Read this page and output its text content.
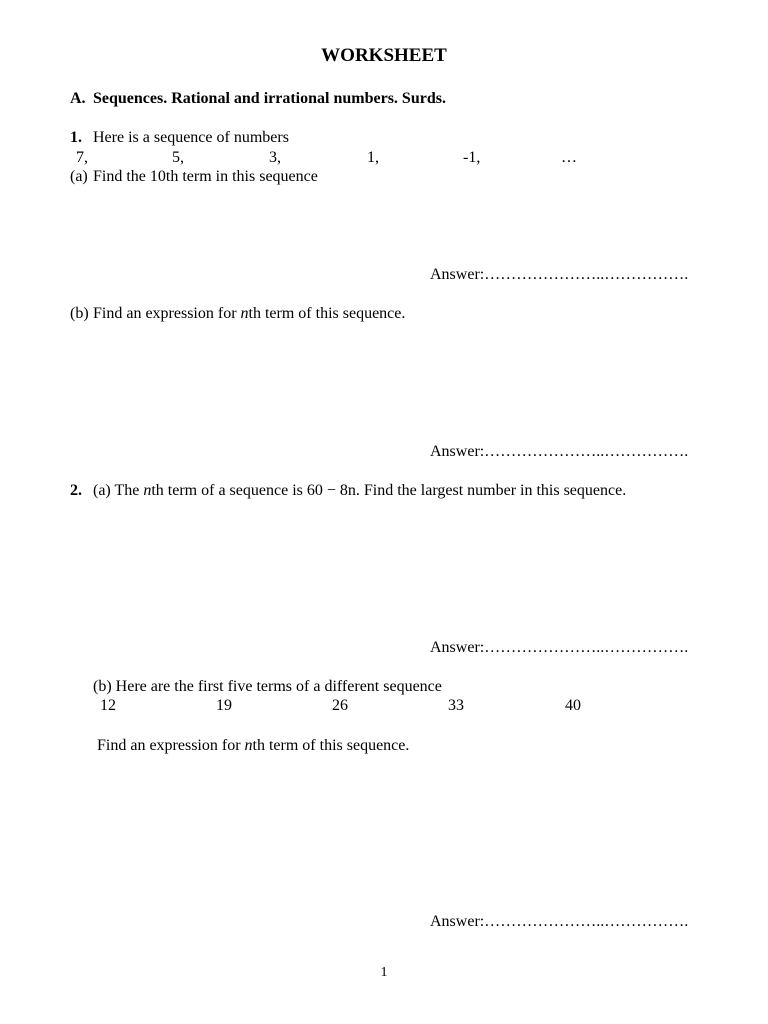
WORKSHEET
A. Sequences. Rational and irrational numbers. Surds.
1. Here is a sequence of numbers
7,	5,	3,	1,	-1,	…
(a) Find the 10th term in this sequence
Answer:…………………..…………….
(b) Find an expression for nth term of this sequence.
Answer:…………………..…………….
2. (a) The nth term of a sequence is 60 − 8n. Find the largest number in this sequence.
Answer:…………………..…………….
(b) Here are the first five terms of a different sequence
12	19	26	33	40
Find an expression for nth term of this sequence.
Answer:…………………..…………….
1
